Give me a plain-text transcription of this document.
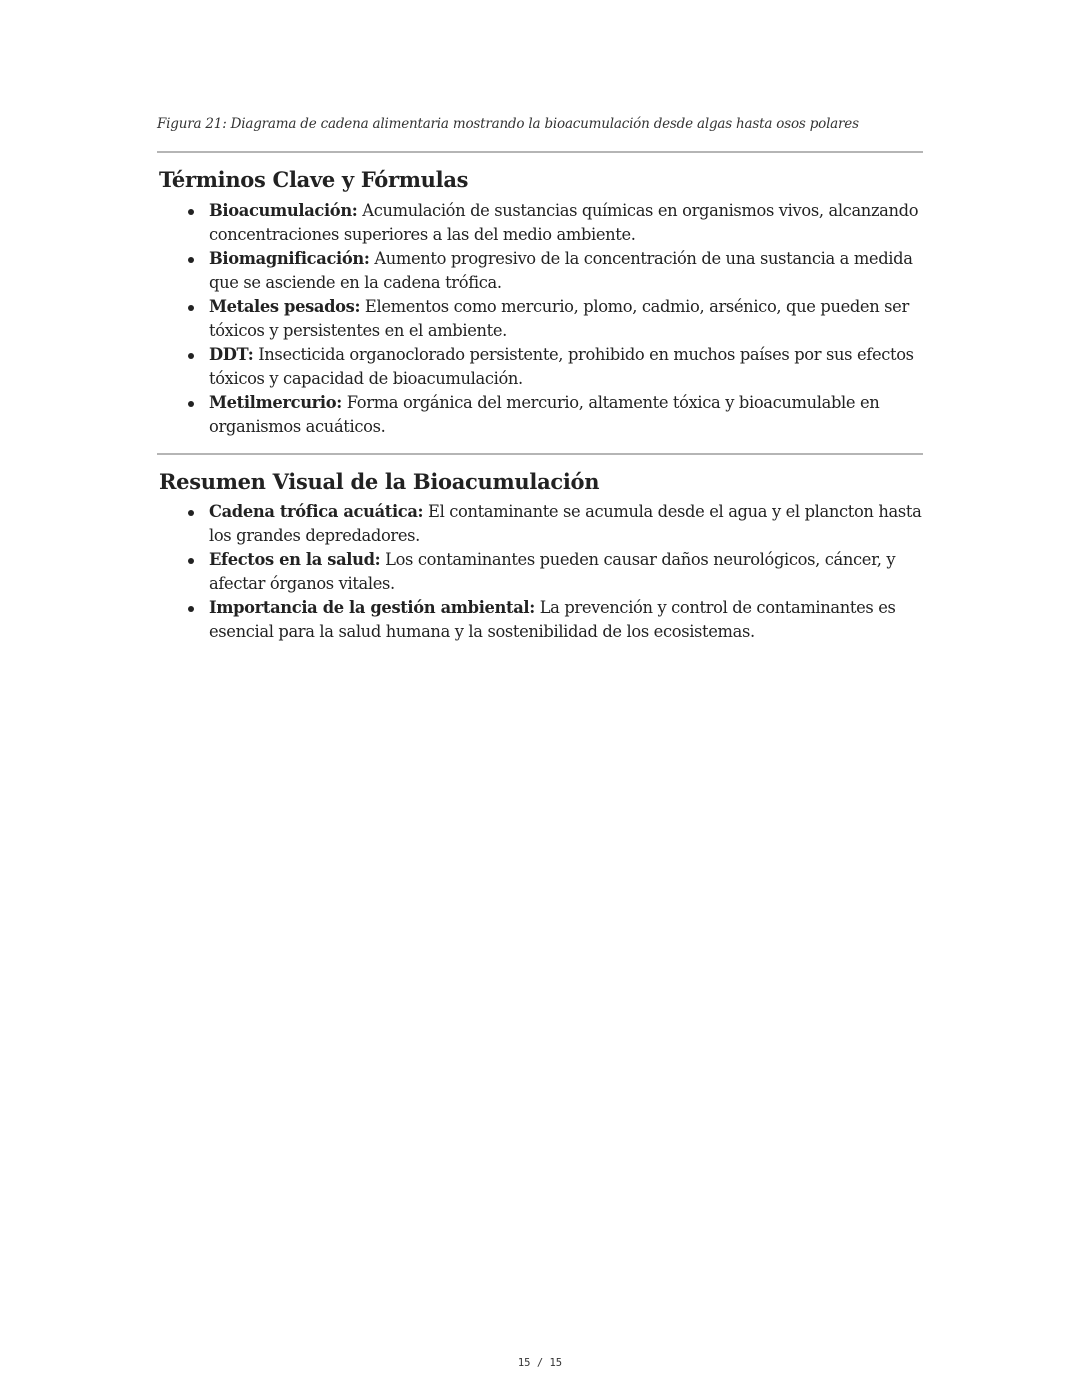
Figura 21: Diagrama de cadena alimentaria mostrando la bioacumulación desde algas hasta osos polares
Términos Clave y Fórmulas
Bioacumulación: Acumulación de sustancias químicas en organismos vivos, alcanzando concentraciones superiores a las del medio ambiente.
Biomagnificación: Aumento progresivo de la concentración de una sustancia a medida que se asciende en la cadena trófica.
Metales pesados: Elementos como mercurio, plomo, cadmio, arsénico, que pueden ser tóxicos y persistentes en el ambiente.
DDT: Insecticida organoclorado persistente, prohibido en muchos países por sus efectos tóxicos y capacidad de bioacumulación.
Metilmercurio: Forma orgánica del mercurio, altamente tóxica y bioacumulable en organismos acuáticos.
Resumen Visual de la Bioacumulación
Cadena trófica acuática: El contaminante se acumula desde el agua y el plancton hasta los grandes depredadores.
Efectos en la salud: Los contaminantes pueden causar daños neurológicos, cáncer, y afectar órganos vitales.
Importancia de la gestión ambiental: La prevención y control de contaminantes es esencial para la salud humana y la sostenibilidad de los ecosistemas.
15 / 15
